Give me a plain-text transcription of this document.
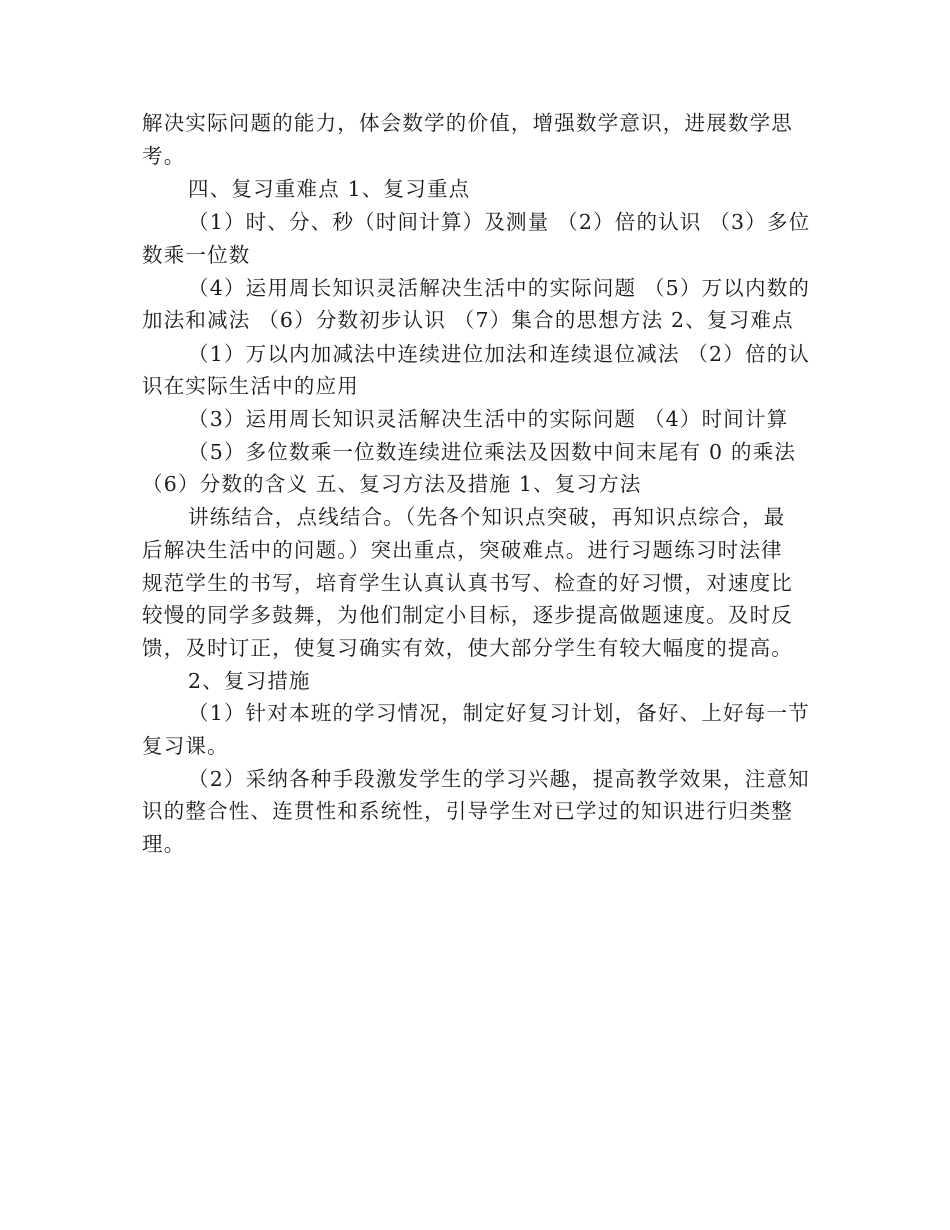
解决实际问题的能力，体会数学的价值，增强数学意识，进展数学思
考。
四、复习重难点 1、复习重点
（1）时、分、秒（时间计算）及测量 （2）倍的认识 （3）多位
数乘一位数
（4）运用周长知识灵活解决生活中的实际问题 （5）万以内数的
加法和减法 （6）分数初步认识 （7）集合的思想方法 2、复习难点
（1）万以内加减法中连续进位加法和连续退位减法 （2）倍的认
识在实际生活中的应用
（3）运用周长知识灵活解决生活中的实际问题 （4）时间计算
（5）多位数乘一位数连续进位乘法及因数中间末尾有 0 的乘法
（6）分数的含义 五、复习方法及措施 1、复习方法
讲练结合，点线结合。（先各个知识点突破，再知识点综合，最
后解决生活中的问题。）突出重点，突破难点。进行习题练习时法律
规范学生的书写，培育学生认真认真书写、检查的好习惯，对速度比
较慢的同学多鼓舞，为他们制定小目标，逐步提高做题速度。及时反
馈，及时订正，使复习确实有效，使大部分学生有较大幅度的提高。
2、复习措施
（1）针对本班的学习情况，制定好复习计划，备好、上好每一节
复习课。
（2）采纳各种手段激发学生的学习兴趣，提高教学效果，注意知
识的整合性、连贯性和系统性，引导学生对已学过的知识进行归类整
理。
